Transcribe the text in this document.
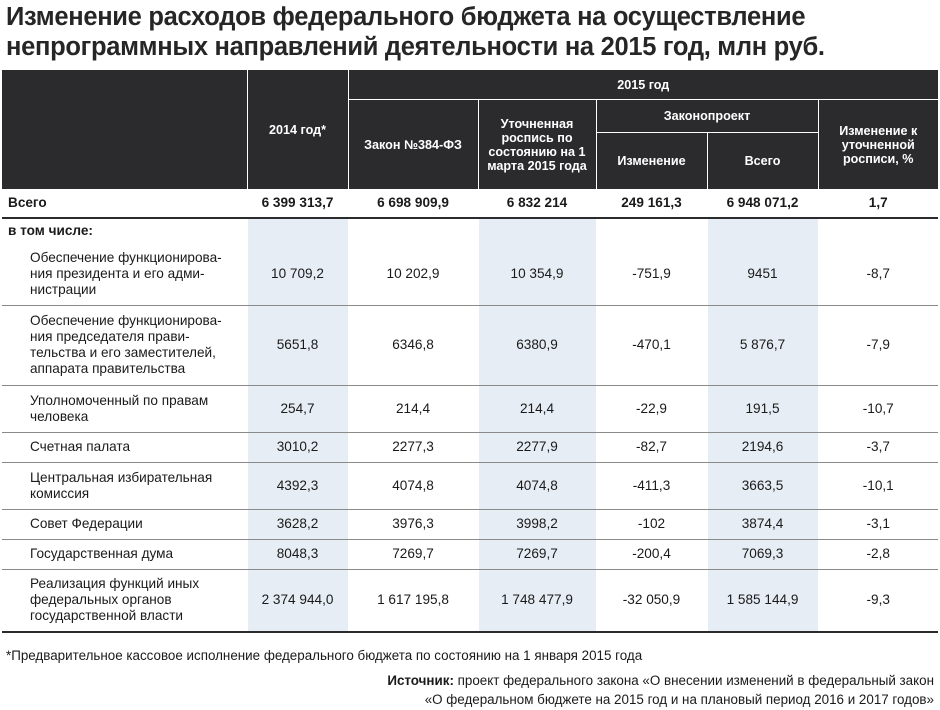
Изменение расходов федерального бюджета на осуществление непрограммных направлений деятельности на 2015 год, млн руб.
	2014 год*	2015 год				
		Закон №384-ФЗ	Уточненная роспись по состоянию на 1 марта 2015 года	Законопроект		Изменение к уточненной росписи, %
				Изменение	Всего	
Всего	6 399 313,7	6 698 909,9	6 832 214	249 161,3	6 948 071,2	1,7
в том числе:						
Обеспечение функционирова-ния президента и его адми-нистрации	10 709,2	10 202,9	10 354,9	-751,9	9451	-8,7
Обеспечение функционирова-ния председателя прави-тельства и его заместителей, аппарата правительства	5651,8	6346,8	6380,9	-470,1	5 876,7	-7,9
Уполномоченный по правам человека	254,7	214,4	214,4	-22,9	191,5	-10,7
Счетная палата	3010,2	2277,3	2277,9	-82,7	2194,6	-3,7
Центральная избирательная комиссия	4392,3	4074,8	4074,8	-411,3	3663,5	-10,1
Совет Федерации	3628,2	3976,3	3998,2	-102	3874,4	-3,1
Государственная дума	8048,3	7269,7	7269,7	-200,4	7069,3	-2,8
Реализация функций иных федеральных органов государственной власти	2 374 944,0	1 617 195,8	1 748 477,9	-32 050,9	1 585 144,9	-9,3
*Предварительное кассовое исполнение федерального бюджета по состоянию на 1 января 2015 года
Источник: проект федерального закона «О внесении изменений в федеральный закон
«О федеральном бюджете на 2015 год и на плановый период 2016 и 2017 годов»
